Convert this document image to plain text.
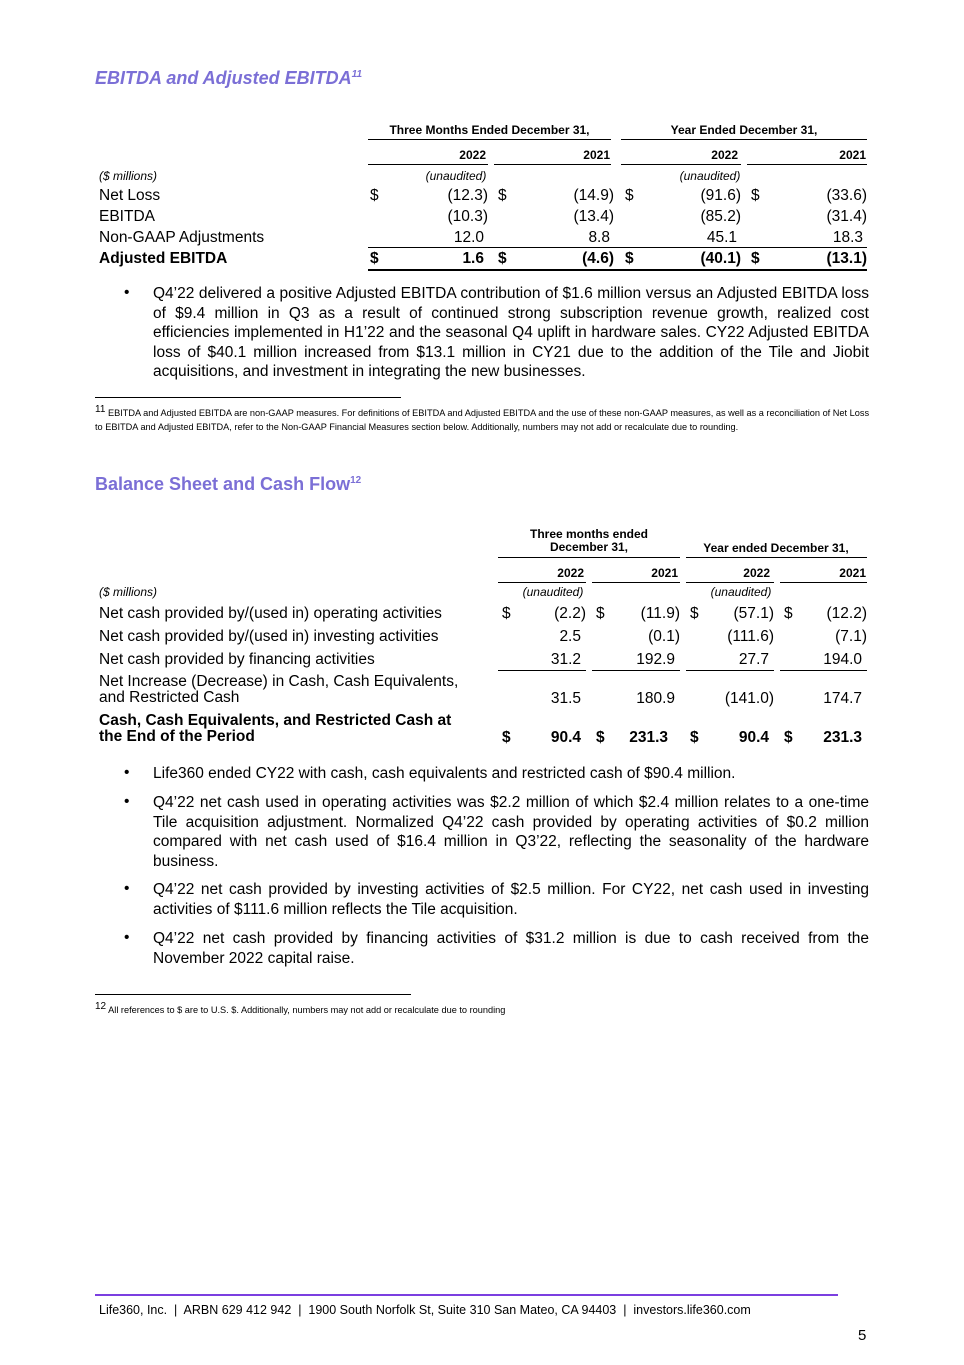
EBITDA and Adjusted EBITDA$^{11}$
Three Months Ended December 31,	Year Ended December 31,
2022	2021	2022	2021
($ millions)	(unaudited)	(unaudited)
Net Loss	$	(12.3) $	(14.9) $	(91.6) $	(33.6)
EBITDA	(10.3)	(13.4)	(85.2)	(31.4)
Non-GAAP Adjustments	12.0	8.8	45.1	18.3
Adjusted EBITDA	$	1.6 $	(4.6) $	(40.1) $	(13.1)
• Q4’22 delivered a positive Adjusted EBITDA contribution of $1.6 million versus an Adjusted EBITDA loss of $9.4 million in Q3 as a result of continued strong subscription revenue growth, realized cost efficiencies implemented in H1’22 and the seasonal Q4 uplift in hardware sales. CY22 Adjusted EBITDA loss of $40.1 million increased from $13.1 million in CY21 due to the addition of the Tile and Jiobit acquisitions, and investment in integrating the new businesses.
$^{11}$ EBITDA and Adjusted EBITDA are non-GAAP measures. For definitions of EBITDA and Adjusted EBITDA and the use of these non-GAAP measures, as well as a reconciliation of Net Loss to EBITDA and Adjusted EBITDA, refer to the Non-GAAP Financial Measures section below. Additionally, numbers may not add or recalculate due to rounding.
Balance Sheet and Cash Flow$^{12}$
Three months ended
December 31,	Year ended December 31,
2022	2021	2022	2021
($ millions)	(unaudited)	(unaudited)
Net cash provided by/(used in) operating activities	$	(2.2) $	(11.9) $	(57.1) $	(12.2)
Net cash provided by/(used in) investing activities	2.5	(0.1)	(111.6)	(7.1)
Net cash provided by financing activities	31.2	192.9	27.7	194.0
Net Increase (Decrease) in Cash, Cash Equivalents,
and Restricted Cash	31.5	180.9	(141.0)	174.7
Cash, Cash Equivalents, and Restricted Cash at
the End of the Period	$	90.4 $	231.3 $	90.4 $	231.3
• Life360 ended CY22 with cash, cash equivalents and restricted cash of $90.4 million.
• Q4’22 net cash used in operating activities was $2.2 million of which $2.4 million relates to a one-time Tile acquisition adjustment. Normalized Q4’22 cash provided by operating activities of $0.2 million compared with net cash used of $16.4 million in Q3’22, reflecting the seasonality of the hardware business.
• Q4’22 net cash provided by investing activities of $2.5 million. For CY22, net cash used in investing activities of $111.6 million reflects the Tile acquisition.
• Q4’22 net cash provided by financing activities of $31.2 million is due to cash received from the November 2022 capital raise.
$^{12}$ All references to $ are to U.S. $. Additionally, numbers may not add or recalculate due to rounding
Life360, Inc.  |  ARBN 629 412 942  |  1900 South Norfolk St, Suite 310 San Mateo, CA 94403  |  investors.life360.com
5
